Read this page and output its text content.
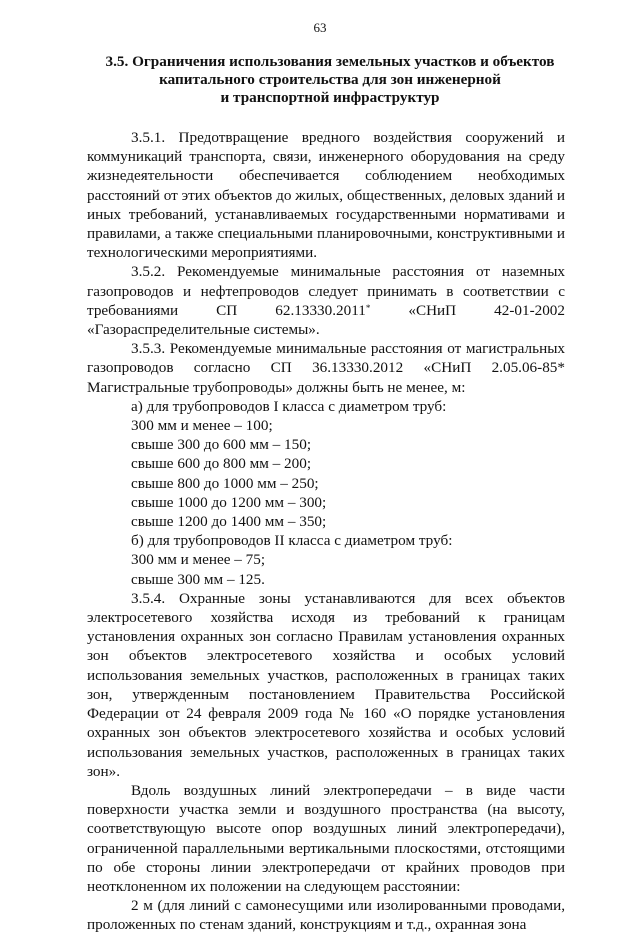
63
3.5. Ограничения использования земельных участков и объектов
капитального строительства для зон инженерной
и транспортной инфраструктур

3.5.1. Предотвращение вредного воздействия сооружений и коммуникаций транспорта, связи, инженерного оборудования на среду жизнедеятельности обеспечивается соблюдением необходимых расстояний от этих объектов до жилых, общественных, деловых зданий и иных требований, устанавливаемых государственными нормативами и правилами, а также специальными планировочными, конструктивными и технологическими мероприятиями.

3.5.2. Рекомендуемые минимальные расстояния от наземных газопроводов и нефтепроводов следует принимать в соответствии с требованиями СП 62.13330.2011* «СНиП 42-01-2002 «Газораспределительные системы».

3.5.3. Рекомендуемые минимальные расстояния от магистральных газопроводов согласно СП 36.13330.2012 «СНиП 2.05.06-85* Магистральные трубопроводы» должны быть не менее, м:

а) для трубопроводов I класса с диаметром труб:
300 мм и менее – 100;
свыше 300 до 600 мм – 150;
свыше 600 до 800 мм – 200;
свыше 800 до 1000 мм – 250;
свыше 1000 до 1200 мм – 300;
свыше 1200 до 1400 мм – 350;
б) для трубопроводов II класса с диаметром труб:
300 мм и менее – 75;
свыше 300 мм – 125.

3.5.4. Охранные зоны устанавливаются для всех объектов электросетевого хозяйства исходя из требований к границам установления охранных зон согласно Правилам установления охранных зон объектов электросетевого хозяйства и особых условий использования земельных участков, расположенных в границах таких зон, утвержденным постановлением Правительства Российской Федерации от 24 февраля 2009 года № 160 «О порядке установления охранных зон объектов электросетевого хозяйства и особых условий использования земельных участков, расположенных в границах таких зон».

Вдоль воздушных линий электропередачи – в виде части поверхности участка земли и воздушного пространства (на высоту, соответствующую высоте опор воздушных линий электропередачи), ограниченной параллельными вертикальными плоскостями, отстоящими по обе стороны линии электропередачи от крайних проводов при неотклоненном их положении на следующем расстоянии:

2 м (для линий с самонесущими или изолированными проводами, проложенных по стенам зданий, конструкциям и т.д., охранная зона
